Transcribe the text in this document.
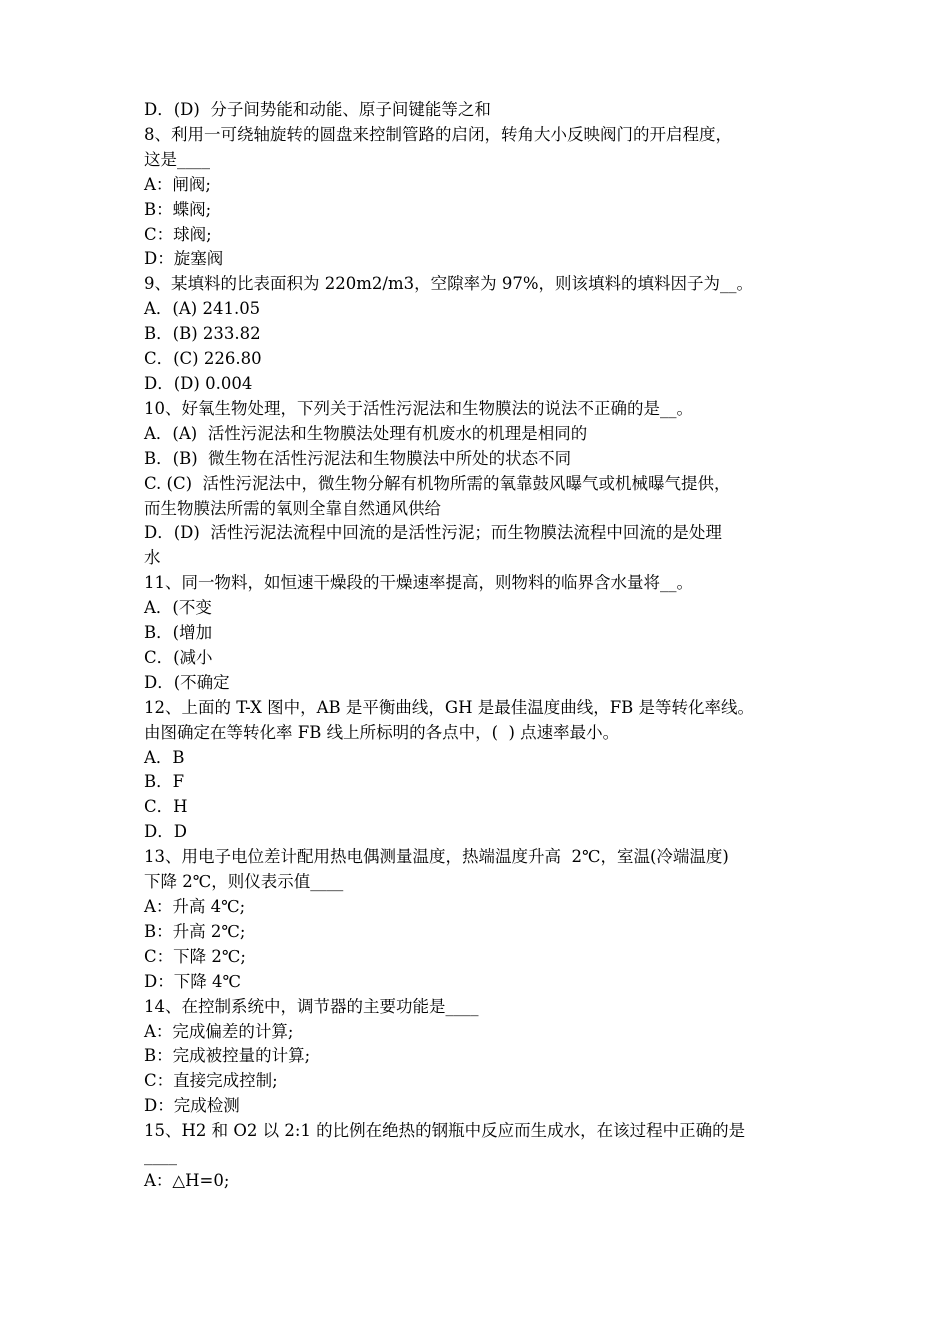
D．(D)  分子间势能和动能、原子间键能等之和
8、利用一可绕轴旋转的圆盘来控制管路的启闭，转角大小反映阀门的开启程度，
这是____
A：闸阀;
B：蝶阀;
C：球阀;
D：旋塞阀
9、某填料的比表面积为 220m2/m3，空隙率为 97%，则该填料的填料因子为__。
A．(A) 241.05
B．(B) 233.82
C．(C) 226.80
D．(D) 0.004
10、好氧生物处理，下列关于活性污泥法和生物膜法的说法不正确的是__。
A．(A)  活性污泥法和生物膜法处理有机废水的机理是相同的
B．(B)  微生物在活性污泥法和生物膜法中所处的状态不同
C. (C)  活性污泥法中，微生物分解有机物所需的氧靠鼓风曝气或机械曝气提供，
而生物膜法所需的氧则全靠自然通风供给
D．(D)  活性污泥法流程中回流的是活性污泥；而生物膜法流程中回流的是处理
水
11、同一物料，如恒速干燥段的干燥速率提高，则物料的临界含水量将__。
A．(不变
B．(增加
C．(减小
D．(不确定
12、上面的 T-X 图中，AB 是平衡曲线，GH 是最佳温度曲线，FB 是等转化率线。
由图确定在等转化率 FB 线上所标明的各点中，(  ) 点速率最小。
A．B
B．F
C．H
D．D
13、用电子电位差计配用热电偶测量温度，热端温度升高  2℃，室温(冷端温度)
下降 2℃，则仪表示值____
A：升高 4℃;
B：升高 2℃;
C：下降 2℃;
D：下降 4℃
14、在控制系统中，调节器的主要功能是____
A：完成偏差的计算;
B：完成被控量的计算;
C：直接完成控制;
D：完成检测
15、H2 和 O2 以 2:1 的比例在绝热的钢瓶中反应而生成水，在该过程中正确的是
____
A：△H=0;
